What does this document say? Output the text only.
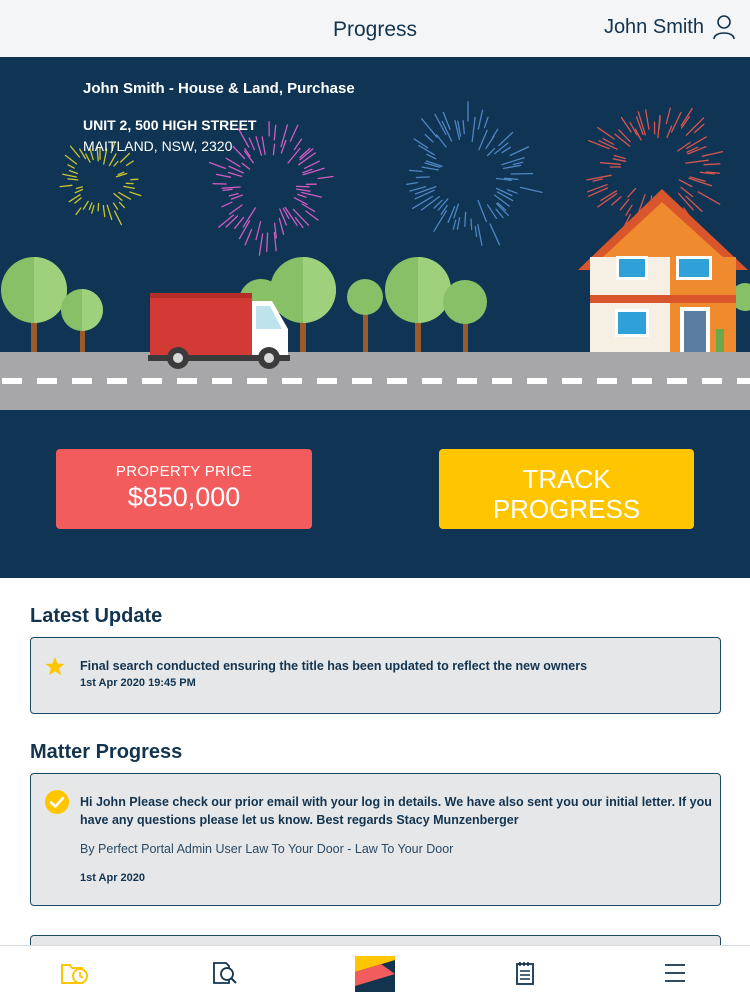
Progress	John Smith
John Smith - House & Land, Purchase
UNIT 2, 500 HIGH STREET
MAITLAND, NSW, 2320
PROPERTY PRICE
$850,000
TRACK
PROGRESS
Latest Update
Final search conducted ensuring the title has been updated to reflect the new owners
1st Apr 2020 19:45 PM
Matter Progress
Hi John Please check our prior email with your log in details. We have also sent you our initial letter. If you
have any questions please let us know. Best regards Stacy Munzenberger
By Perfect Portal Admin User Law To Your Door - Law To Your Door
1st Apr 2020
